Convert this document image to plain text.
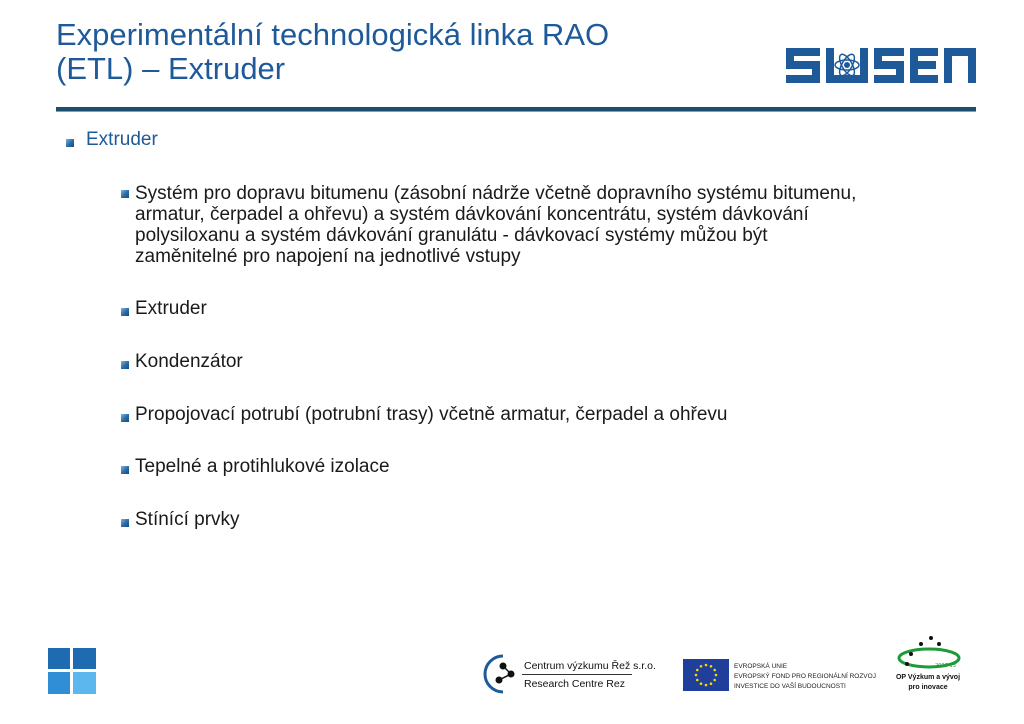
Experimentální technologická linka RAO
(ETL) – Extruder
Extruder
Systém pro dopravu bitumenu (zásobní nádrže včetně dopravního systému bitumenu,
armatur, čerpadel a ohřevu) a systém dávkování koncentrátu, systém dávkování
polysiloxanu a systém dávkování granulátu - dávkovací systémy můžou být
zaměnitelné pro napojení na jednotlivé vstupy
Extruder
Kondenzátor
Propojovací potrubí (potrubní trasy) včetně armatur, čerpadel a ohřevu
Tepelné a protihlukové izolace
Stínící prvky
Centrum výzkumu Řež s.r.o.
Research Centre Rez
EVROPSKÁ UNIE
EVROPSKÝ FOND PRO REGIONÁLNÍ ROZVOJ
INVESTICE DO VAŠÍ BUDOUCNOSTI
2007-13
OP Výzkum a vývoj
pro inovace
